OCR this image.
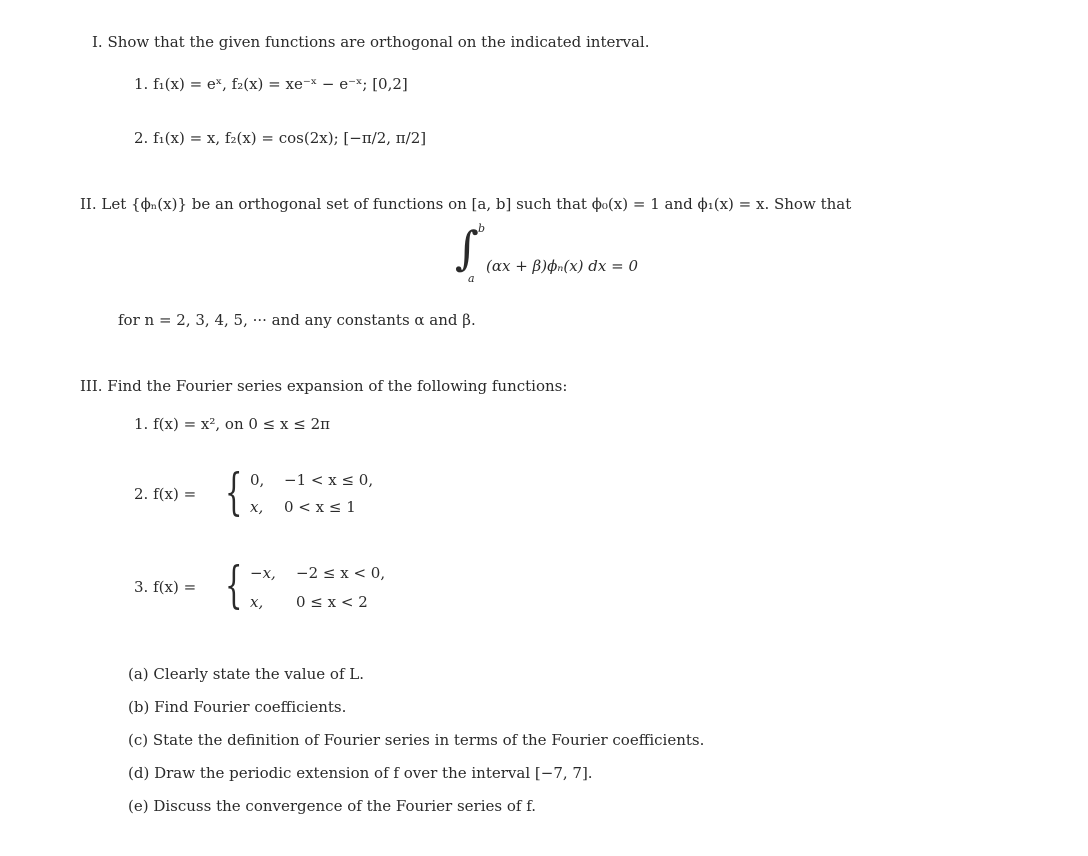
I. Show that the given functions are orthogonal on the indicated interval.
1. f₁(x) = eˣ, f₂(x) = xe⁻ˣ − e⁻ˣ; [0,2]
2. f₁(x) = x, f₂(x) = cos(2x); [−π/2, π/2]
II. Let {ϕₙ(x)} be an orthogonal set of functions on [a, b] such that ϕ₀(x) = 1 and ϕ₁(x) = x. Show that
∫ b
a
(αx + β)ϕₙ(x) dx = 0
for n = 2, 3, 4, 5, ··· and any constants α and β.
III. Find the Fourier series expansion of the following functions:
1. f(x) = x², on 0 ≤ x ≤ 2π
2. f(x) = { 0, −1 < x ≤ 0,
x, 0 < x ≤ 1
3. f(x) = { −x, −2 ≤ x < 0,
x, 0 ≤ x < 2
(a) Clearly state the value of L.
(b) Find Fourier coefficients.
(c) State the definition of Fourier series in terms of the Fourier coefficients.
(d) Draw the periodic extension of f over the interval [−7, 7].
(e) Discuss the convergence of the Fourier series of f.
